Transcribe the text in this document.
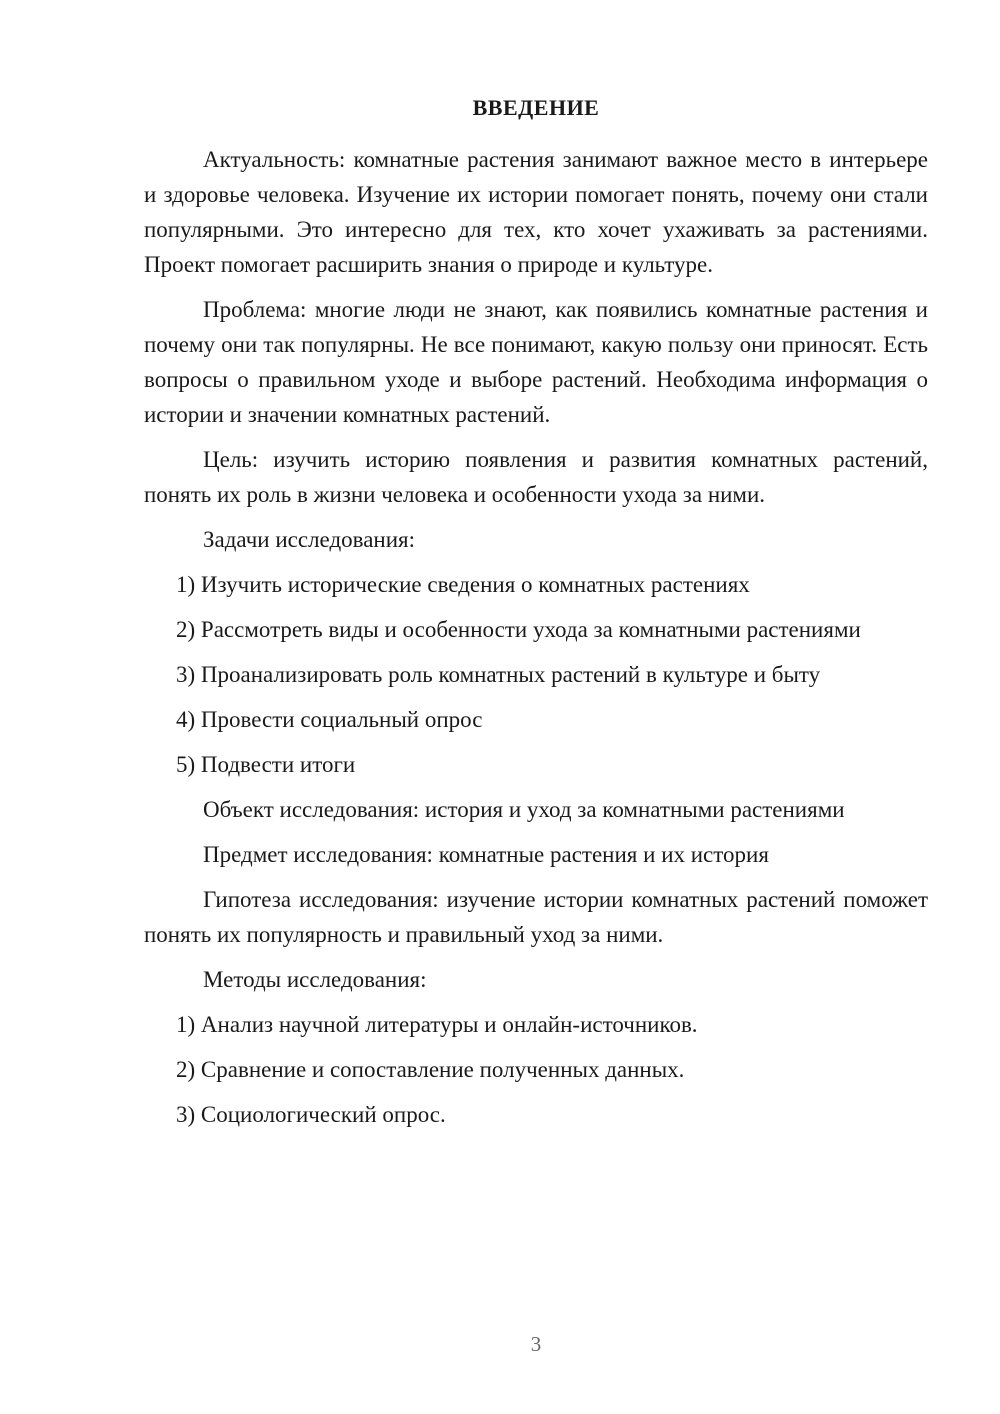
ВВЕДЕНИЕ

Актуальность: комнатные растения занимают важное место в интерьере и здоровье человека. Изучение их истории помогает понять, почему они стали популярными. Это интересно для тех, кто хочет ухаживать за растениями. Проект помогает расширить знания о природе и культуре.

Проблема: многие люди не знают, как появились комнатные растения и почему они так популярны. Не все понимают, какую пользу они приносят. Есть вопросы о правильном уходе и выборе растений. Необходима информация о истории и значении комнатных растений.

Цель: изучить историю появления и развития комнатных растений, понять их роль в жизни человека и особенности ухода за ними.

Задачи исследования:

1) Изучить исторические сведения о комнатных растениях

2) Рассмотреть виды и особенности ухода за комнатными растениями

3) Проанализировать роль комнатных растений в культуре и быту

4) Провести социальный опрос

5) Подвести итоги

Объект исследования: история и уход за комнатными растениями

Предмет исследования: комнатные растения и их история

Гипотеза исследования: изучение истории комнатных растений поможет понять их популярность и правильный уход за ними.

Методы исследования:

1) Анализ научной литературы и онлайн-источников.

2) Сравнение и сопоставление полученных данных.

3) Социологический опрос.

3
